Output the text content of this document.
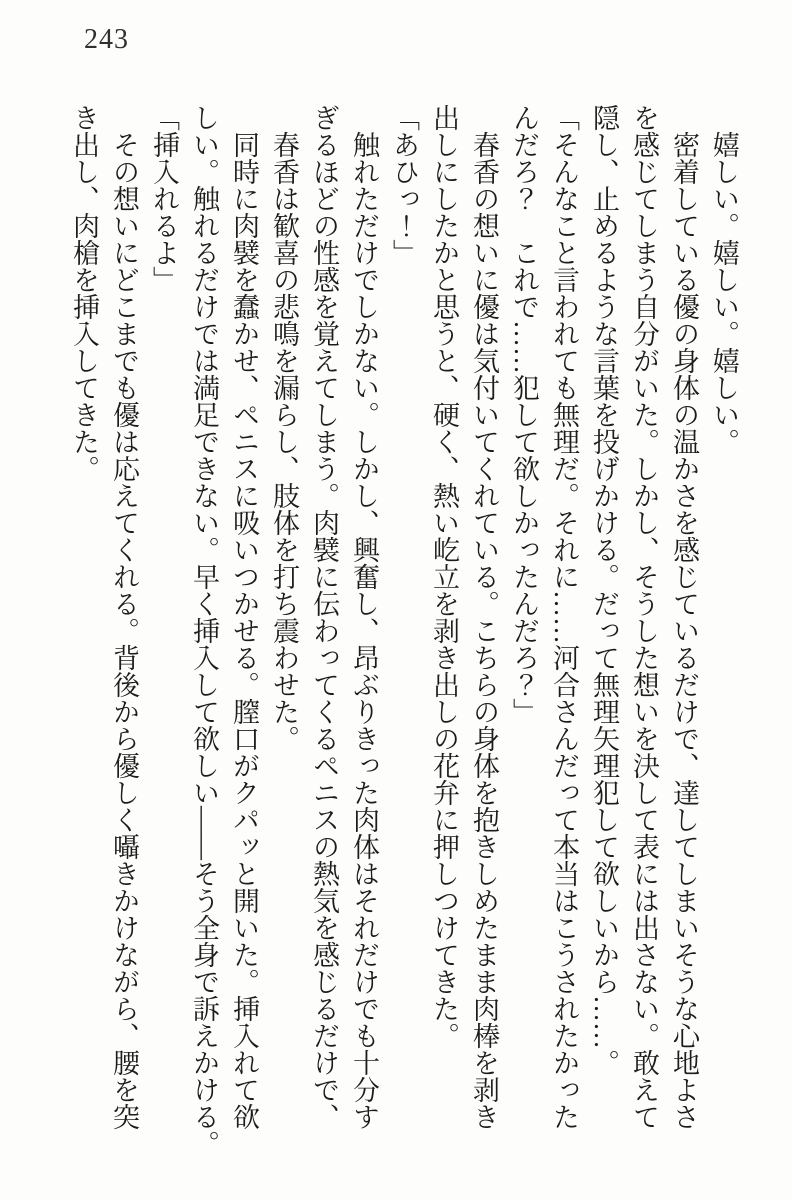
243
嬉しい。嬉しい。嬉しい。
密着している優の身体の温かさを感じているだけで、達してしまいそうな心地よさ
を感じてしまう自分がいた。しかし、そうした想いを決して表には出さない。敢えて
隠し、止めるような言葉を投げかける。だって無理矢理犯して欲しいから……。
「そんなこと言われても無理だ。それに……河合さんだって本当はこうされたかった
んだろ？　これで……犯して欲しかったんだろ？」
春香の想いに優は気付いてくれている。こちらの身体を抱きしめたまま肉棒を剥き
出しにしたかと思うと、硬く、熱い屹立を剥き出しの花弁に押しつけてきた。
「あひっ！」
触れただけでしかない。しかし、興奮し、昂ぶりきった肉体はそれだけでも十分す
ぎるほどの性感を覚えてしまう。肉襞に伝わってくるペニスの熱気を感じるだけで、
春香は歓喜の悲鳴を漏らし、肢体を打ち震わせた。
同時に肉襞を蠢かせ、ペニスに吸いつかせる。膣口がクパッと開いた。挿入れて欲
しい。触れるだけでは満足できない。早く挿入して欲しい――そう全身で訴えかける。
「挿入れるよ」
その想いにどこまでも優は応えてくれる。背後から優しく囁きかけながら、腰を突
き出し、肉槍を挿入してきた。
